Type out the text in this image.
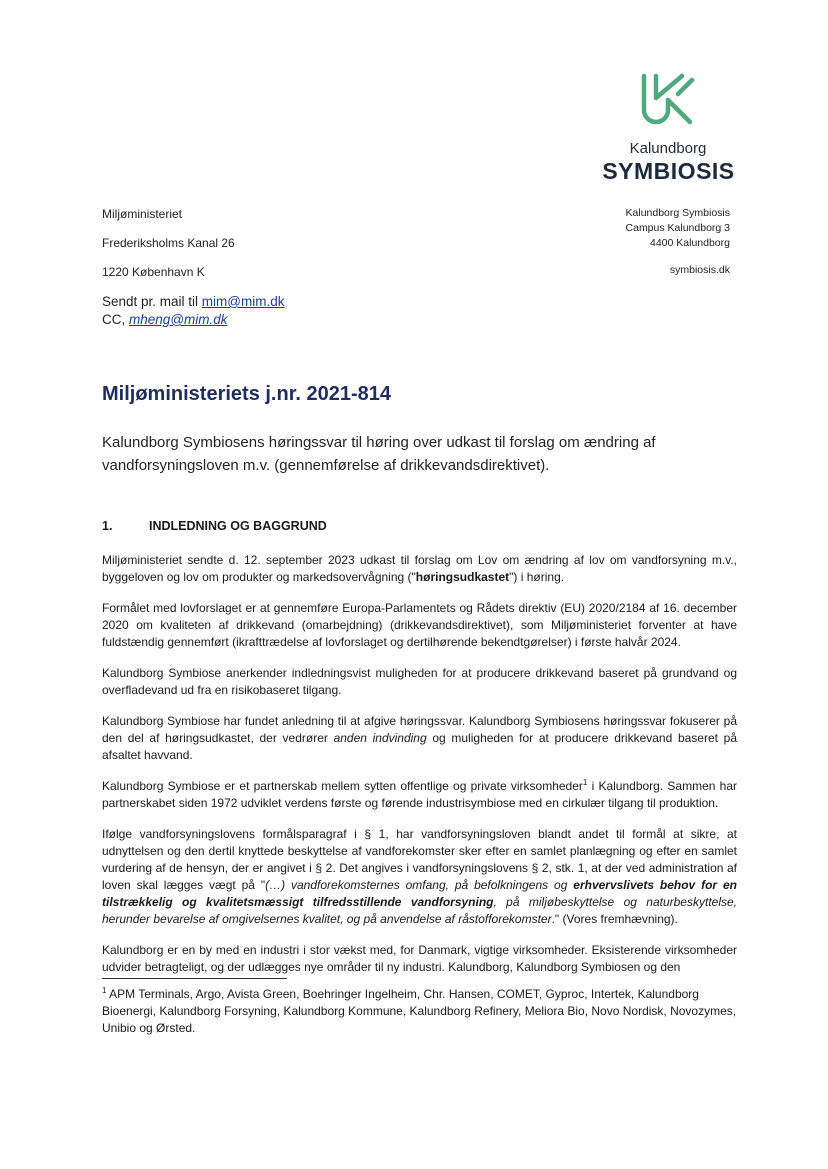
Kalundborg
SYMBIOSIS
Kalundborg Symbiosis
Campus Kalundborg 3
4400 Kalundborg
symbiosis.dk
Miljøministeriet
Frederiksholms Kanal 26
1220 København K
Sendt pr. mail til mim@mim.dk
CC, mheng@mim.dk
Miljøministeriets j.nr. 2021-814
Kalundborg Symbiosens høringssvar til høring over udkast til forslag om ændring af vandforsyningsloven m.v. (gennemførelse af drikkevandsdirektivet).
1.	INDLEDNING OG BAGGRUND

Miljøministeriet sendte d. 12. september 2023 udkast til forslag om Lov om ændring af lov om vandforsyning m.v., byggeloven og lov om produkter og markedsovervågning ("høringsudkastet") i høring.

Formålet med lovforslaget er at gennemføre Europa-Parlamentets og Rådets direktiv (EU) 2020/2184 af 16. december 2020 om kvaliteten af drikkevand (omarbejdning) (drikkevandsdirektivet), som Miljøministeriet forventer at have fuldstændig gennemført (ikrafttrædelse af lovforslaget og dertilhørende bekendtgørelser) i første halvår 2024.

Kalundborg Symbiose anerkender indledningsvist muligheden for at producere drikkevand baseret på grundvand og overfladevand ud fra en risikobaseret tilgang.

Kalundborg Symbiose har fundet anledning til at afgive høringssvar. Kalundborg Symbiosens høringssvar fokuserer på den del af høringsudkastet, der vedrører anden indvinding og muligheden for at producere drikkevand baseret på afsaltet havvand.

Kalundborg Symbiose er et partnerskab mellem sytten offentlige og private virksomheder$^1$ i Kalundborg. Sammen har partnerskabet siden 1972 udviklet verdens første og førende industrisymbiose med en cirkulær tilgang til produktion.

Ifølge vandforsyningslovens formålsparagraf i § 1, har vandforsyningsloven blandt andet til formål at sikre, at udnyttelsen og den dertil knyttede beskyttelse af vandforekomster sker efter en samlet planlægning og efter en samlet vurdering af de hensyn, der er angivet i § 2. Det angives i vandforsyningslovens § 2, stk. 1, at der ved administration af loven skal lægges vægt på "(…) vandforekomsternes omfang, på befolkningens og erhvervslivets behov for en tilstrækkelig og kvalitetsmæssigt tilfredsstillende vandforsyning, på miljøbeskyttelse og naturbeskyttelse, herunder bevarelse af omgivelsernes kvalitet, og på anvendelse af råstofforekomster." (Vores fremhævning).

Kalundborg er en by med en industri i stor vækst med, for Danmark, vigtige virksomheder. Eksisterende virksomheder udvider betragteligt, og der udlægges nye områder til ny industri. Kalundborg, Kalundborg Symbiosen og den

$^1$ APM Terminals, Argo, Avista Green, Boehringer Ingelheim, Chr. Hansen, COMET, Gyproc, Intertek, Kalundborg Bioenergi, Kalundborg Forsyning, Kalundborg Kommune, Kalundborg Refinery, Meliora Bio, Novo Nordisk, Novozymes, Unibio og Ørsted.
